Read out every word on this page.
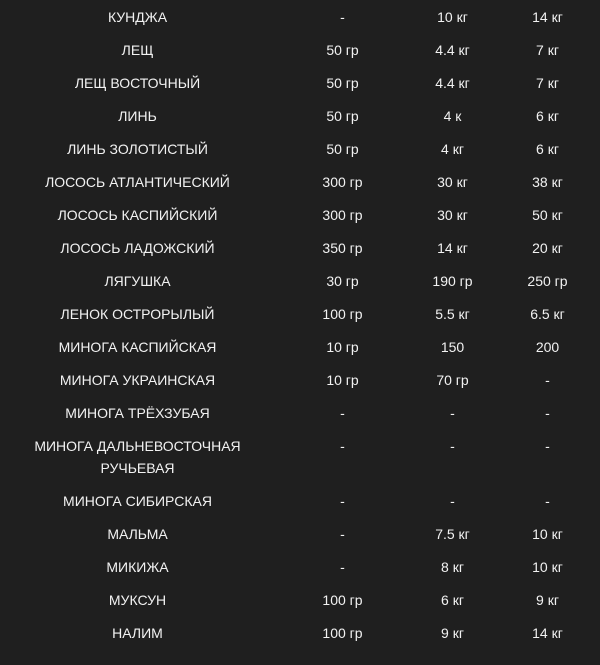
КУНДЖА	-	10 кг	14 кг
ЛЕЩ	50 гр	4.4 кг	7 кг
ЛЕЩ ВОСТОЧНЫЙ	50 гр	4.4 кг	7 кг
ЛИНЬ	50 гр	4 к	6 кг
ЛИНЬ ЗОЛОТИСТЫЙ	50 гр	4 кг	6 кг
ЛОСОСЬ АТЛАНТИЧЕСКИЙ	300 гр	30 кг	38 кг
ЛОСОСЬ КАСПИЙСКИЙ	300 гр	30 кг	50 кг
ЛОСОСЬ ЛАДОЖСКИЙ	350 гр	14 кг	20 кг
ЛЯГУШКА	30 гр	190 гр	250 гр
ЛЕНОК ОСТРОРЫЛЫЙ	100 гр	5.5 кг	6.5 кг
МИНОГА КАСПИЙСКАЯ	10 гр	150	200
МИНОГА УКРАИНСКАЯ	10 гр	70 гр	-
МИНОГА ТРЁХЗУБАЯ	-	-	-
МИНОГА ДАЛЬНЕВОСТОЧНАЯ РУЧЬЕВАЯ	-	-	-
МИНОГА СИБИРСКАЯ	-	-	-
МАЛЬМА	-	7.5 кг	10 кг
МИКИЖА	-	8 кг	10 кг
МУКСУН	100 гр	6 кг	9 кг
НАЛИМ	100 гр	9 кг	14 кг
